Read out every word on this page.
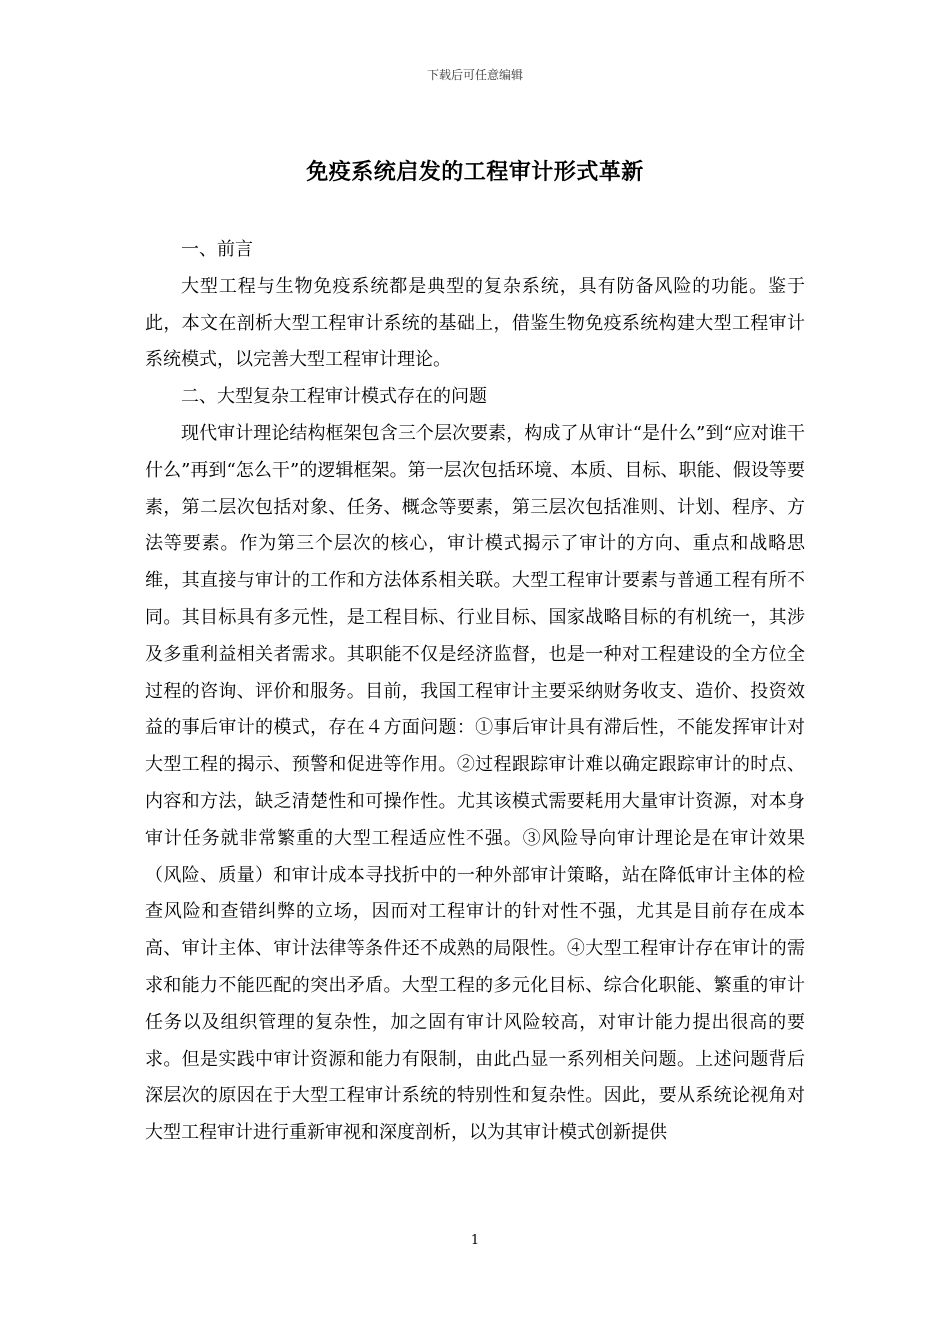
下载后可任意编辑
免疫系统启发的工程审计形式革新

一、前言

大型工程与生物免疫系统都是典型的复杂系统，具有防备风险的功能。鉴于此，本文在剖析大型工程审计系统的基础上，借鉴生物免疫系统构建大型工程审计系统模式，以完善大型工程审计理论。

二、大型复杂工程审计模式存在的问题

现代审计理论结构框架包含三个层次要素，构成了从审计“是什么”到“应对谁干什么”再到“怎么干”的逻辑框架。第一层次包括环境、本质、目标、职能、假设等要素，第二层次包括对象、任务、概念等要素，第三层次包括准则、计划、程序、方法等要素。作为第三个层次的核心，审计模式揭示了审计的方向、重点和战略思维，其直接与审计的工作和方法体系相关联。大型工程审计要素与普通工程有所不同。其目标具有多元性，是工程目标、行业目标、国家战略目标的有机统一，其涉及多重利益相关者需求。其职能不仅是经济监督，也是一种对工程建设的全方位全过程的咨询、评价和服务。目前，我国工程审计主要采纳财务收支、造价、投资效益的事后审计的模式，存在４方面问题：①事后审计具有滞后性，不能发挥审计对大型工程的揭示、预警和促进等作用。②过程跟踪审计难以确定跟踪审计的时点、内容和方法，缺乏清楚性和可操作性。尤其该模式需要耗用大量审计资源，对本身审计任务就非常繁重的大型工程适应性不强。③风险导向审计理论是在审计效果（风险、质量）和审计成本寻找折中的一种外部审计策略，站在降低审计主体的检查风险和查错纠弊的立场，因而对工程审计的针对性不强，尤其是目前存在成本高、审计主体、审计法律等条件还不成熟的局限性。④大型工程审计存在审计的需求和能力不能匹配的突出矛盾。大型工程的多元化目标、综合化职能、繁重的审计任务以及组织管理的复杂性，加之固有审计风险较高，对审计能力提出很高的要求。但是实践中审计资源和能力有限制，由此凸显一系列相关问题。上述问题背后深层次的原因在于大型工程审计系统的特别性和复杂性。因此，要从系统论视角对大型工程审计进行重新审视和深度剖析，以为其审计模式创新提供

1
